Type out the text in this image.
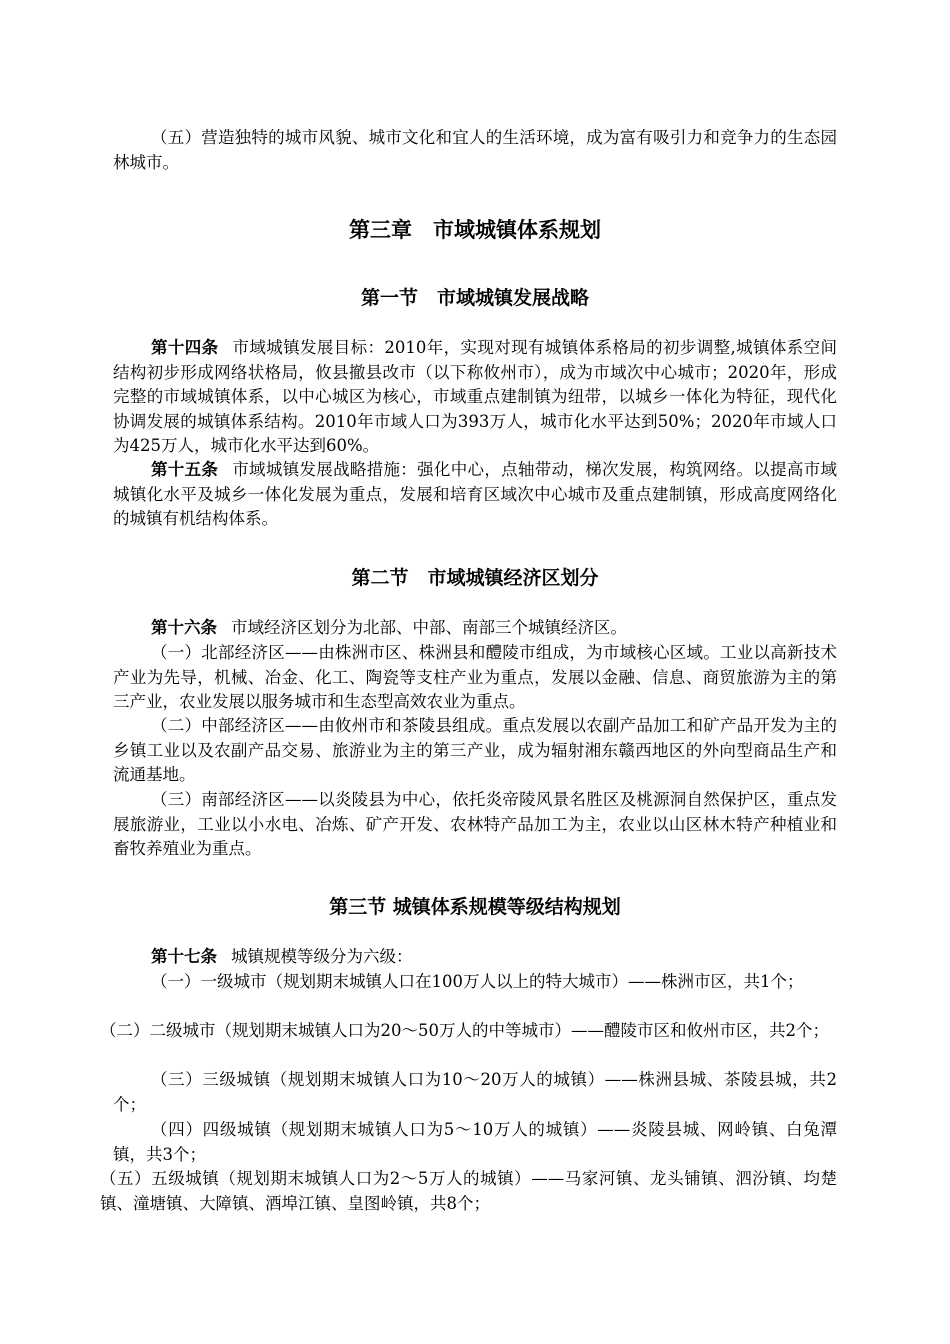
（五）营造独特的城市风貌、城市文化和宜人的生活环境，成为富有吸引力和竞争力的生态园林城市。

第三章　市域城镇体系规划
第一节　市域城镇发展战略

第十四条 市域城镇发展目标：2010年，实现对现有城镇体系格局的初步调整,城镇体系空间结构初步形成网络状格局，攸县撤县改市（以下称攸州市），成为市域次中心城市；2020年，形成完整的市域城镇体系，以中心城区为核心，市域重点建制镇为纽带，以城乡一体化为特征，现代化协调发展的城镇体系结构。2010年市域人口为393万人，城市化水平达到50%；2020年市域人口为425万人，城市化水平达到60%。

第十五条 市域城镇发展战略措施：强化中心，点轴带动，梯次发展，构筑网络。以提高市域城镇化水平及城乡一体化发展为重点，发展和培育区域次中心城市及重点建制镇，形成高度网络化的城镇有机结构体系。

第二节　市域城镇经济区划分

第十六条 市域经济区划分为北部、中部、南部三个城镇经济区。

（一）北部经济区——由株洲市区、株洲县和醴陵市组成，为市域核心区域。工业以高新技术产业为先导，机械、冶金、化工、陶瓷等支柱产业为重点，发展以金融、信息、商贸旅游为主的第三产业，农业发展以服务城市和生态型高效农业为重点。

（二）中部经济区——由攸州市和茶陵县组成。重点发展以农副产品加工和矿产品开发为主的乡镇工业以及农副产品交易、旅游业为主的第三产业，成为辐射湘东赣西地区的外向型商品生产和流通基地。

（三）南部经济区——以炎陵县为中心，依托炎帝陵风景名胜区及桃源洞自然保护区，重点发展旅游业，工业以小水电、冶炼、矿产开发、农林特产品加工为主，农业以山区林木特产种植业和畜牧养殖业为重点。

第三节 城镇体系规模等级结构规划

第十七条 城镇规模等级分为六级：

（一）一级城市（规划期末城镇人口在100万人以上的特大城市）——株洲市区，共1个；

（二）二级城市（规划期末城镇人口为20～50万人的中等城市）——醴陵市区和攸州市区，共2个；

（三）三级城镇（规划期末城镇人口为10～20万人的城镇）——株洲县城、茶陵县城，共2个；

（四）四级城镇（规划期末城镇人口为5～10万人的城镇）——炎陵县城、网岭镇、白兔潭镇，共3个；

（五）五级城镇（规划期末城镇人口为2～5万人的城镇）——马家河镇、龙头铺镇、泗汾镇、均楚镇、潼塘镇、大障镇、酒埠江镇、皇图岭镇，共8个；
